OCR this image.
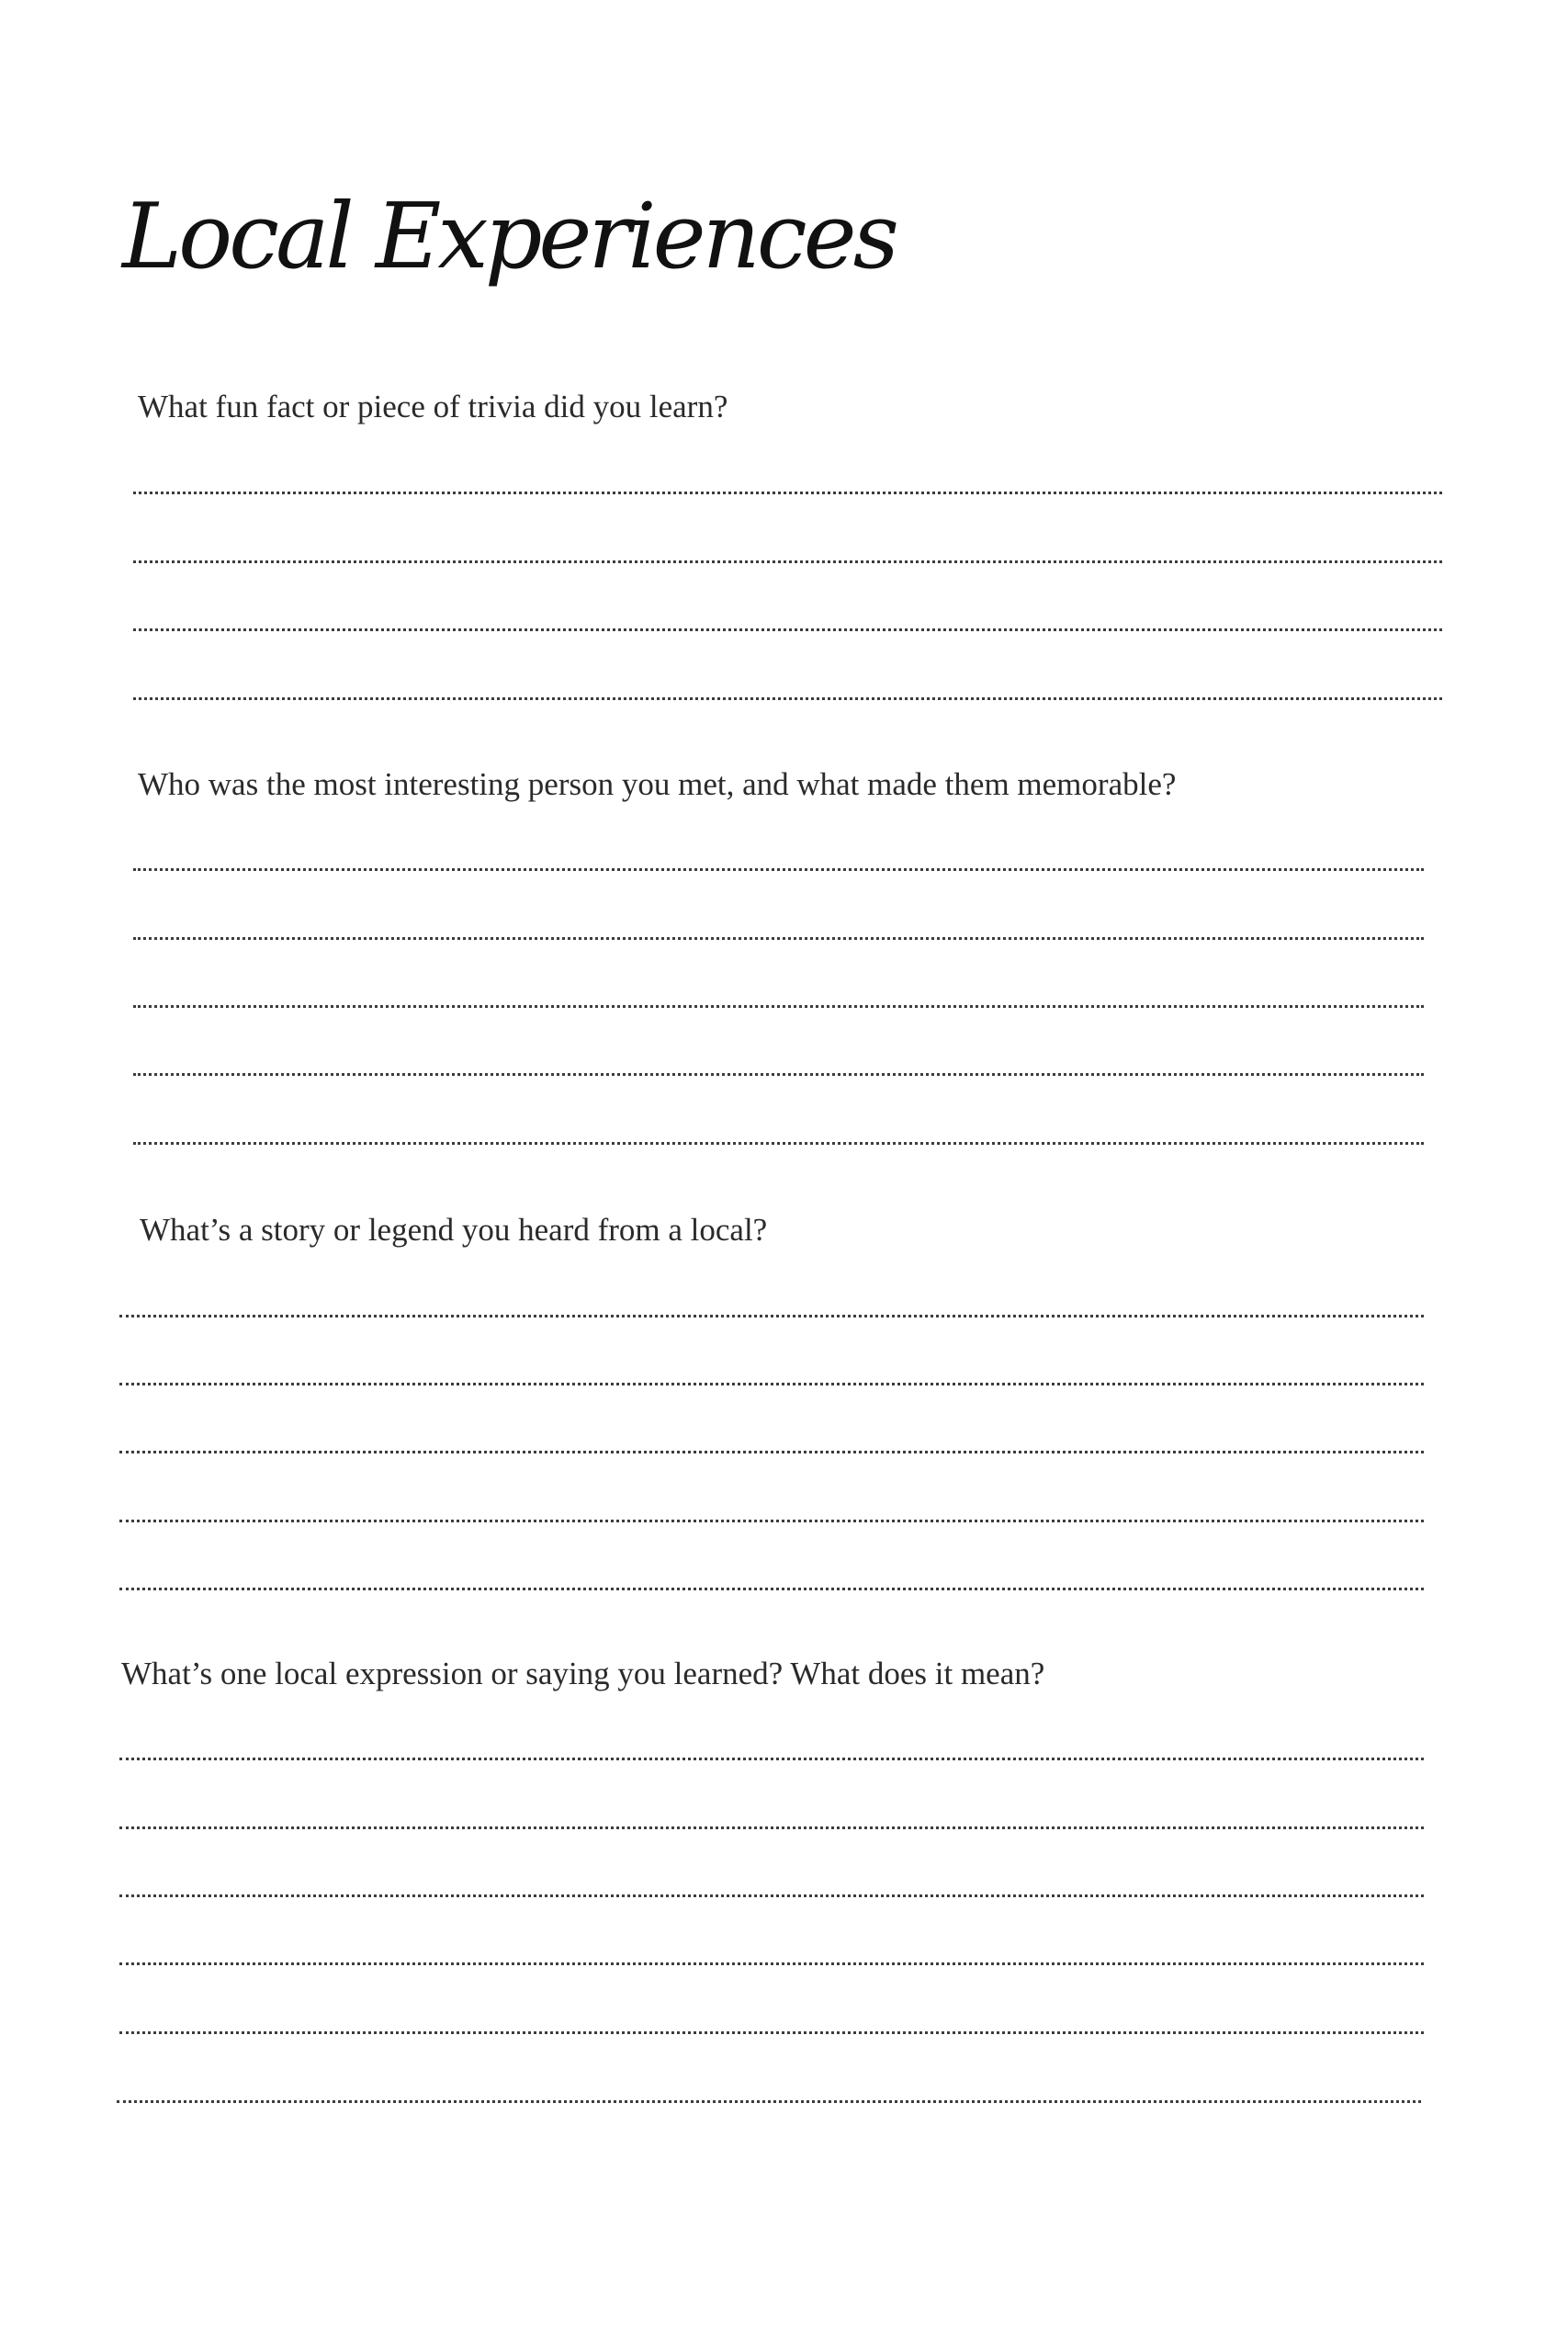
Local Experiences

What fun fact or piece of trivia did you learn?

Who was the most interesting person you met, and what made them memorable?

What’s a story or legend you heard from a local?

What’s one local expression or saying you learned? What does it mean?
